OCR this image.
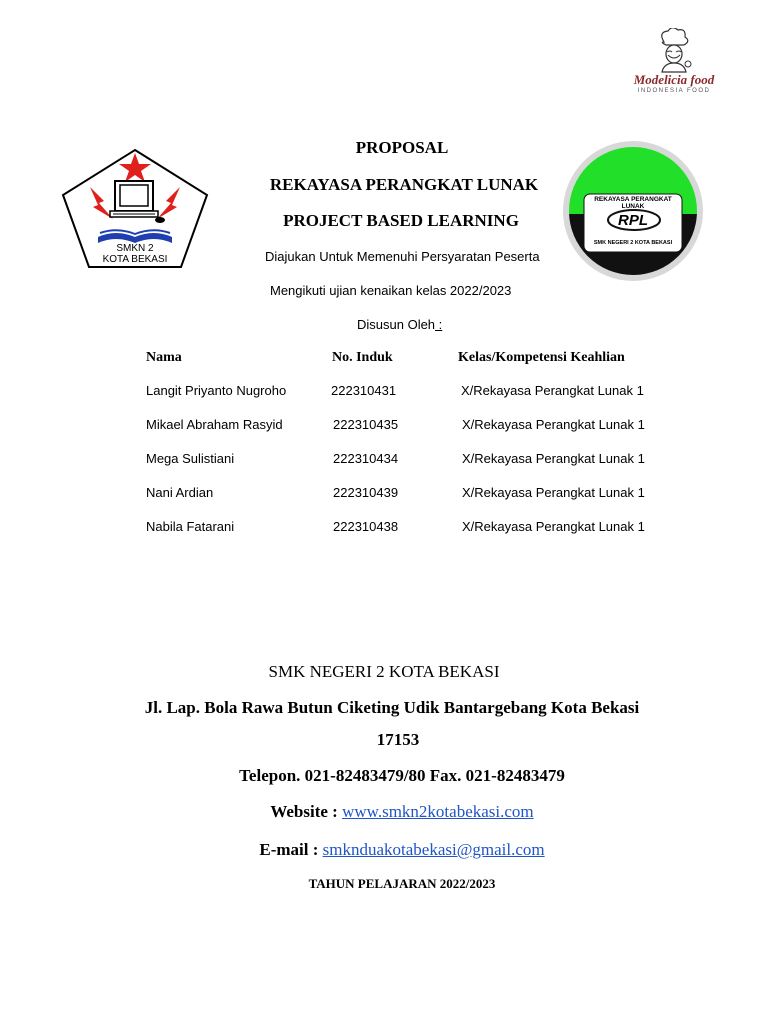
Modelicia food
INDONESIA FOOD
SMKN 2
KOTA BEKASI
REKAYASA PERANGKAT LUNAK
RPL
SMK NEGERI 2 KOTA BEKASI
PROPOSAL
REKAYASA PERANGKAT LUNAK
PROJECT BASED LEARNING
Diajukan Untuk Memenuhi Persyaratan Peserta
Mengikuti ujian kenaikan kelas 2022/2023
Disusun Oleh :
Nama	No. Induk	Kelas/Kompetensi Keahlian
Langit Priyanto Nugroho	222310431	X/Rekayasa Perangkat Lunak 1
Mikael Abraham Rasyid	222310435	X/Rekayasa Perangkat Lunak 1
Mega Sulistiani	222310434	X/Rekayasa Perangkat Lunak 1
Nani Ardian	222310439	X/Rekayasa Perangkat Lunak 1
Nabila Fatarani	222310438	X/Rekayasa Perangkat Lunak 1
SMK NEGERI 2 KOTA BEKASI
Jl. Lap. Bola Rawa Butun Ciketing Udik Bantargebang Kota Bekasi
17153
Telepon. 021-82483479/80 Fax. 021-82483479
Website : www.smkn2kotabekasi.com
E-mail : smknduakotabekasi@gmail.com
TAHUN PELAJARAN 2022/2023
